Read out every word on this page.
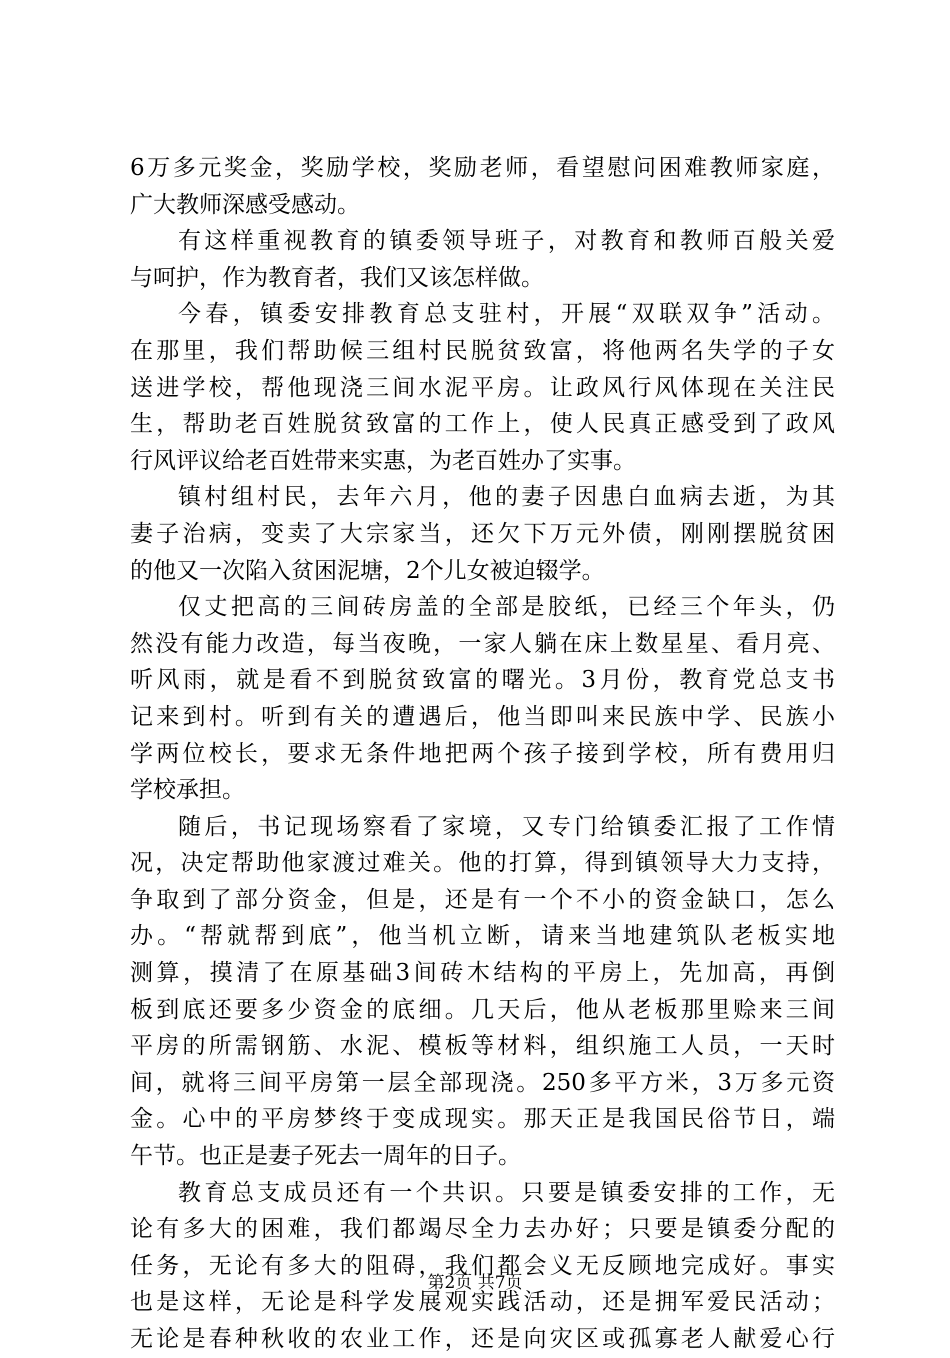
6万多元奖金，奖励学校，奖励老师，看望慰问困难教师家庭，
广大教师深感受感动。
有这样重视教育的镇委领导班子，对教育和教师百般关爱
与呵护，作为教育者，我们又该怎样做。
今春，镇委安排教育总支驻村，开展“双联双争”活动。
在那里，我们帮助候三组村民脱贫致富，将他两名失学的子女
送进学校，帮他现浇三间水泥平房。让政风行风体现在关注民
生，帮助老百姓脱贫致富的工作上，使人民真正感受到了政风
行风评议给老百姓带来实惠，为老百姓办了实事。
镇村组村民，去年六月，他的妻子因患白血病去逝，为其
妻子治病，变卖了大宗家当，还欠下万元外债，刚刚摆脱贫困
的他又一次陷入贫困泥塘，2个儿女被迫辍学。
仅丈把高的三间砖房盖的全部是胶纸，已经三个年头，仍
然没有能力改造，每当夜晚，一家人躺在床上数星星、看月亮、
听风雨，就是看不到脱贫致富的曙光。3月份，教育党总支书
记来到村。听到有关的遭遇后，他当即叫来民族中学、民族小
学两位校长，要求无条件地把两个孩子接到学校，所有费用归
学校承担。
随后，书记现场察看了家境，又专门给镇委汇报了工作情
况，决定帮助他家渡过难关。他的打算，得到镇领导大力支持，
争取到了部分资金，但是，还是有一个不小的资金缺口，怎么
办。“帮就帮到底”，他当机立断，请来当地建筑队老板实地
测算，摸清了在原基础3间砖木结构的平房上，先加高，再倒
板到底还要多少资金的底细。几天后，他从老板那里赊来三间
平房的所需钢筋、水泥、模板等材料，组织施工人员，一天时
间，就将三间平房第一层全部现浇。250多平方米，3万多元资
金。心中的平房梦终于变成现实。那天正是我国民俗节日，端
午节。也正是妻子死去一周年的日子。
教育总支成员还有一个共识。只要是镇委安排的工作，无
论有多大的困难，我们都竭尽全力去办好；只要是镇委分配的
任务，无论有多大的阻碍，我们都会义无反顾地完成好。事实
也是这样，无论是科学发展观实践活动，还是拥军爱民活动；
无论是春种秋收的农业工作，还是向灾区或孤寡老人献爱心行
第2页 共7页
